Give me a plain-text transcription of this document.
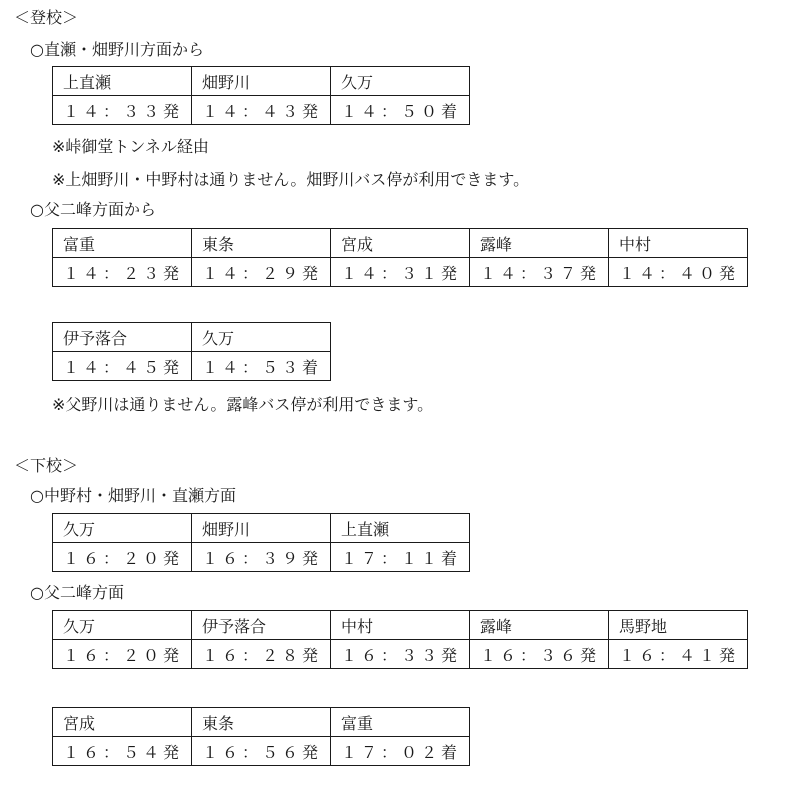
＜登校＞
○直瀬・畑野川方面から
上直瀬	畑野川	久万
１４：３３発	１４：４３発	１４：５０着
※峠御堂トンネル経由
※上畑野川・中野村は通りません。畑野川バス停が利用できます。
○父二峰方面から
富重	東条	宮成	露峰	中村
１４：２３発	１４：２９発	１４：３１発	１４：３７発	１４：４０発
伊予落合	久万
１４：４５発	１４：５３着
※父野川は通りません。露峰バス停が利用できます。
＜下校＞
○中野村・畑野川・直瀬方面
久万	畑野川	上直瀬
１６：２０発	１６：３９発	１７：１１着
○父二峰方面
久万	伊予落合	中村	露峰	馬野地
１６：２０発	１６：２８発	１６：３３発	１６：３６発	１６：４１発
宮成	東条	富重
１６：５４発	１６：５６発	１７：０２着
